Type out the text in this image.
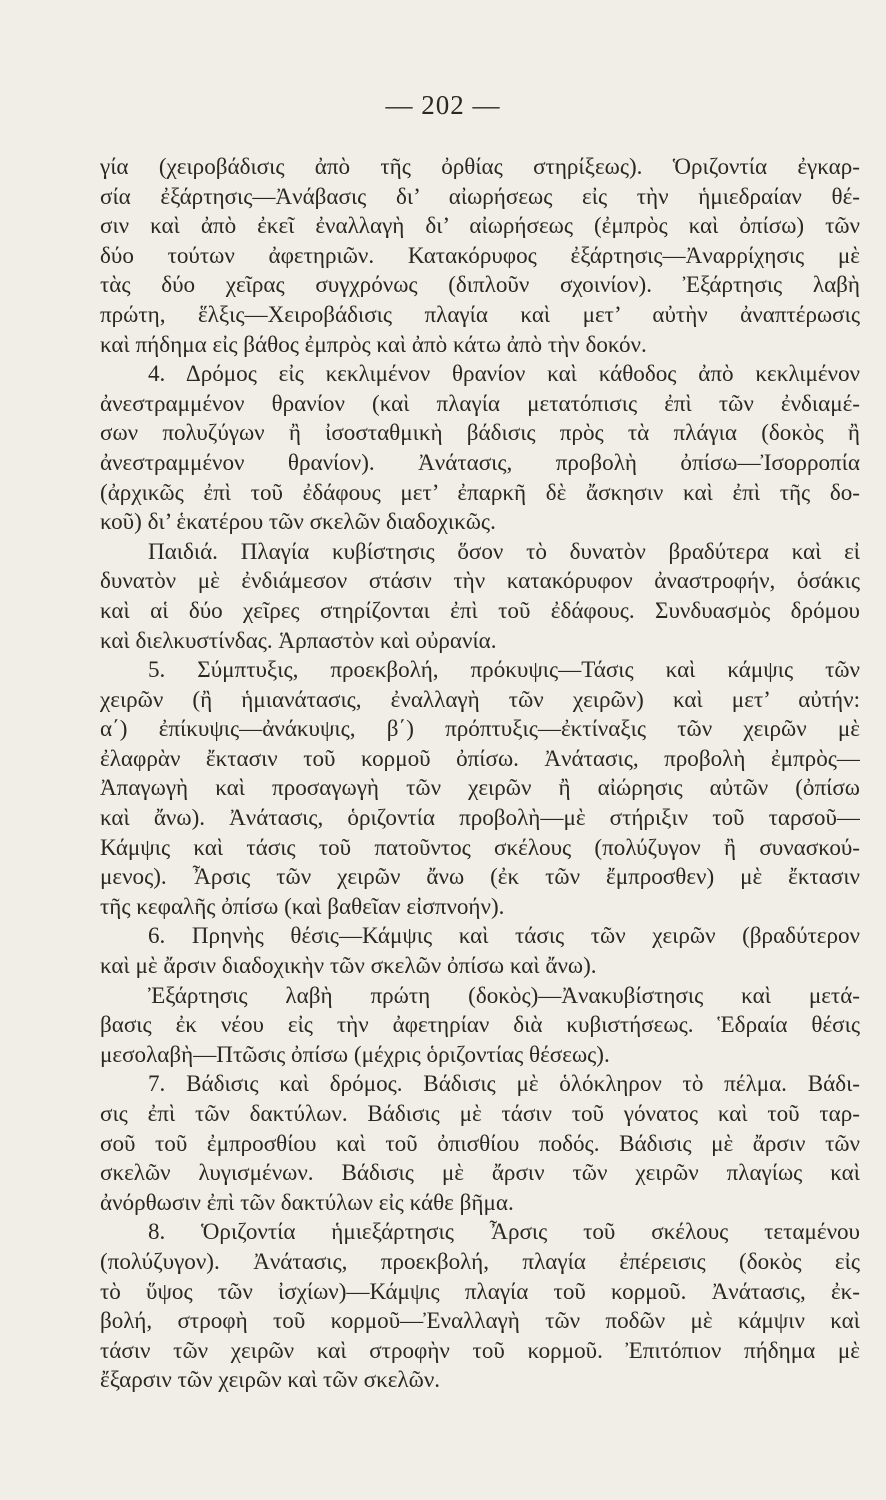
— 202 —
γία (χειροβάδισις ἀπὸ τῆς ὀρθίας στηρίξεως). Ὁριζοντία ἐγκαρ-
σία ἐξάρτησις—Ἀνάβασις δι’ αἰωρήσεως εἰς τὴν ἡμιεδραίαν θέ-
σιν καὶ ἀπὸ ἐκεῖ ἐναλλαγὴ δι’ αἰωρήσεως (ἐμπρὸς καὶ ὀπίσω) τῶν
δύο τούτων ἀφετηριῶν. Κατακόρυφος ἐξάρτησις—Ἀναρρίχησις μὲ
τὰς δύο χεῖρας συγχρόνως (διπλοῦν σχοινίον). Ἐξάρτησις λαβὴ
πρώτη, ἕλξις—Χειροβάδισις πλαγία καὶ μετ’ αὐτὴν ἀναπτέρωσις
καὶ πήδημα εἰς βάθος ἐμπρὸς καὶ ἀπὸ κάτω ἀπὸ τὴν δοκόν.
4. Δρόμος εἰς κεκλιμένον θρανίον καὶ κάθοδος ἀπὸ κεκλιμένον
ἀνεστραμμένον θρανίον (καὶ πλαγία μετατόπισις ἐπὶ τῶν ἐνδιαμέ-
σων πολυζύγων ἢ ἰσοσταθμικὴ βάδισις πρὸς τὰ πλάγια (δοκὸς ἢ
ἀνεστραμμένον θρανίον). Ἀνάτασις, προβολὴ ὀπίσω—Ἰσορροπία
(ἀρχικῶς ἐπὶ τοῦ ἐδάφους μετ’ ἐπαρκῆ δὲ ἄσκησιν καὶ ἐπὶ τῆς δο-
κοῦ) δι’ ἑκατέρου τῶν σκελῶν διαδοχικῶς.
Παιδιά. Πλαγία κυβίστησις ὅσον τὸ δυνατὸν βραδύτερα καὶ εἰ
δυνατὸν μὲ ἐνδιάμεσον στάσιν τὴν κατακόρυφον ἀναστροφήν, ὁσάκις
καὶ αἱ δύο χεῖρες στηρίζονται ἐπὶ τοῦ ἐδάφους. Συνδυασμὸς δρόμου
καὶ διελκυστίνδας. Ἁρπαστὸν καὶ οὐρανία.
5. Σύμπτυξις, προεκβολή, πρόκυψις—Τάσις καὶ κάμψις τῶν
χειρῶν (ἢ ἡμιανάτασις, ἐναλλαγὴ τῶν χειρῶν) καὶ μετ’ αὐτήν:
α΄) ἐπίκυψις—ἀνάκυψις, β΄) πρόπτυξις—ἐκτίναξις τῶν χειρῶν μὲ
ἐλαφρὰν ἔκτασιν τοῦ κορμοῦ ὀπίσω. Ἀνάτασις, προβολὴ ἐμπρὸς—
Ἀπαγωγὴ καὶ προσαγωγὴ τῶν χειρῶν ἢ αἰώρησις αὐτῶν (ὀπίσω
καὶ ἄνω). Ἀνάτασις, ὁριζοντία προβολὴ—μὲ στήριξιν τοῦ ταρσοῦ—
Κάμψις καὶ τάσις τοῦ πατοῦντος σκέλους (πολύζυγον ἢ συνασκού-
μενος). Ἆρσις τῶν χειρῶν ἄνω (ἐκ τῶν ἔμπροσθεν) μὲ ἔκτασιν
τῆς κεφαλῆς ὀπίσω (καὶ βαθεῖαν εἰσπνοήν).
6. Πρηνὴς θέσις—Κάμψις καὶ τάσις τῶν χειρῶν (βραδύτερον
καὶ μὲ ἄρσιν διαδοχικὴν τῶν σκελῶν ὀπίσω καὶ ἄνω).
Ἐξάρτησις λαβὴ πρώτη (δοκὸς)—Ἀνακυβίστησις καὶ μετά-
βασις ἐκ νέου εἰς τὴν ἀφετηρίαν διὰ κυβιστήσεως. Ἑδραία θέσις
μεσολαβὴ—Πτῶσις ὀπίσω (μέχρις ὁριζοντίας θέσεως).
7. Βάδισις καὶ δρόμος. Βάδισις μὲ ὁλόκληρον τὸ πέλμα. Βάδι-
σις ἐπὶ τῶν δακτύλων. Βάδισις μὲ τάσιν τοῦ γόνατος καὶ τοῦ ταρ-
σοῦ τοῦ ἐμπροσθίου καὶ τοῦ ὀπισθίου ποδός. Βάδισις μὲ ἄρσιν τῶν
σκελῶν λυγισμένων. Βάδισις μὲ ἄρσιν τῶν χειρῶν πλαγίως καὶ
ἀνόρθωσιν ἐπὶ τῶν δακτύλων εἰς κάθε βῆμα.
8. Ὁριζοντία ἡμιεξάρτησις Ἆρσις τοῦ σκέλους τεταμένου
(πολύζυγον). Ἀνάτασις, προεκβολή, πλαγία ἐπέρεισις (δοκὸς εἰς
τὸ ὕψος τῶν ἰσχίων)—Κάμψις πλαγία τοῦ κορμοῦ. Ἀνάτασις, ἐκ-
βολή, στροφὴ τοῦ κορμοῦ—Ἐναλλαγὴ τῶν ποδῶν μὲ κάμψιν καὶ
τάσιν τῶν χειρῶν καὶ στροφὴν τοῦ κορμοῦ. Ἐπιτόπιον πήδημα μὲ
ἔξαρσιν τῶν χειρῶν καὶ τῶν σκελῶν.
